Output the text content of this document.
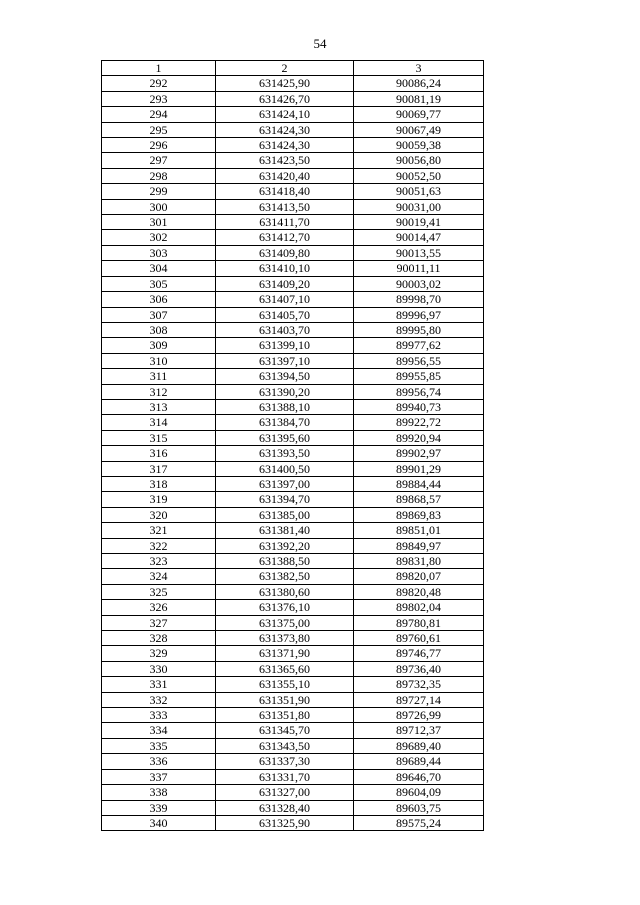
54
1	2	3
292	631425,90	90086,24
293	631426,70	90081,19
294	631424,10	90069,77
295	631424,30	90067,49
296	631424,30	90059,38
297	631423,50	90056,80
298	631420,40	90052,50
299	631418,40	90051,63
300	631413,50	90031,00
301	631411,70	90019,41
302	631412,70	90014,47
303	631409,80	90013,55
304	631410,10	90011,11
305	631409,20	90003,02
306	631407,10	89998,70
307	631405,70	89996,97
308	631403,70	89995,80
309	631399,10	89977,62
310	631397,10	89956,55
311	631394,50	89955,85
312	631390,20	89956,74
313	631388,10	89940,73
314	631384,70	89922,72
315	631395,60	89920,94
316	631393,50	89902,97
317	631400,50	89901,29
318	631397,00	89884,44
319	631394,70	89868,57
320	631385,00	89869,83
321	631381,40	89851,01
322	631392,20	89849,97
323	631388,50	89831,80
324	631382,50	89820,07
325	631380,60	89820,48
326	631376,10	89802,04
327	631375,00	89780,81
328	631373,80	89760,61
329	631371,90	89746,77
330	631365,60	89736,40
331	631355,10	89732,35
332	631351,90	89727,14
333	631351,80	89726,99
334	631345,70	89712,37
335	631343,50	89689,40
336	631337,30	89689,44
337	631331,70	89646,70
338	631327,00	89604,09
339	631328,40	89603,75
340	631325,90	89575,24
